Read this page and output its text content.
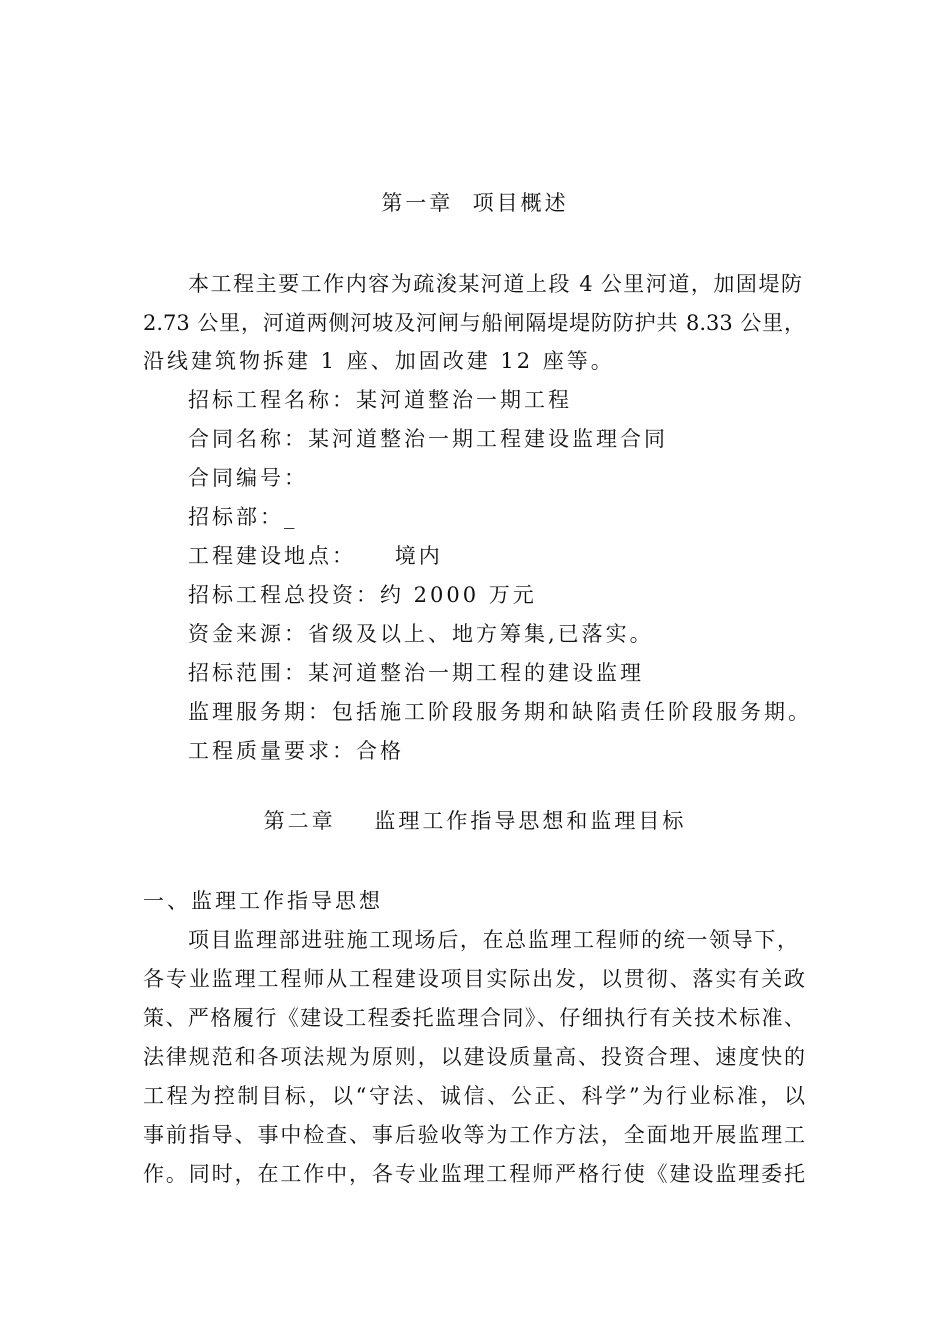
第一章  项目概述
本工程主要工作内容为疏浚某河道上段 4 公里河道，加固堤防
2.73 公里，河道两侧河坡及河闸与船闸隔堤堤防防护共 8.33 公里，
沿线建筑物拆建 1 座、加固改建 12 座等。
招标工程名称：某河道整治一期工程
合同名称：某河道整治一期工程建设监理合同
合同编号：
招标部：_
工程建设地点：    境内
招标工程总投资：约 2000 万元
资金来源：省级及以上、地方筹集,已落实。
招标范围：某河道整治一期工程的建设监理
监理服务期：包括施工阶段服务期和缺陷责任阶段服务期。
工程质量要求：合格
第二章    监理工作指导思想和监理目标
一、监理工作指导思想
项目监理部进驻施工现场后，在总监理工程师的统一领导下，
各专业监理工程师从工程建设项目实际出发，以贯彻、落实有关政
策、严格履行《建设工程委托监理合同》、仔细执行有关技术标准、
法律规范和各项法规为原则，以建设质量高、投资合理、速度快的
工程为控制目标，以“守法、诚信、公正、科学”为行业标准，以
事前指导、事中检查、事后验收等为工作方法，全面地开展监理工
作。同时，在工作中，各专业监理工程师严格行使《建设监理委托
